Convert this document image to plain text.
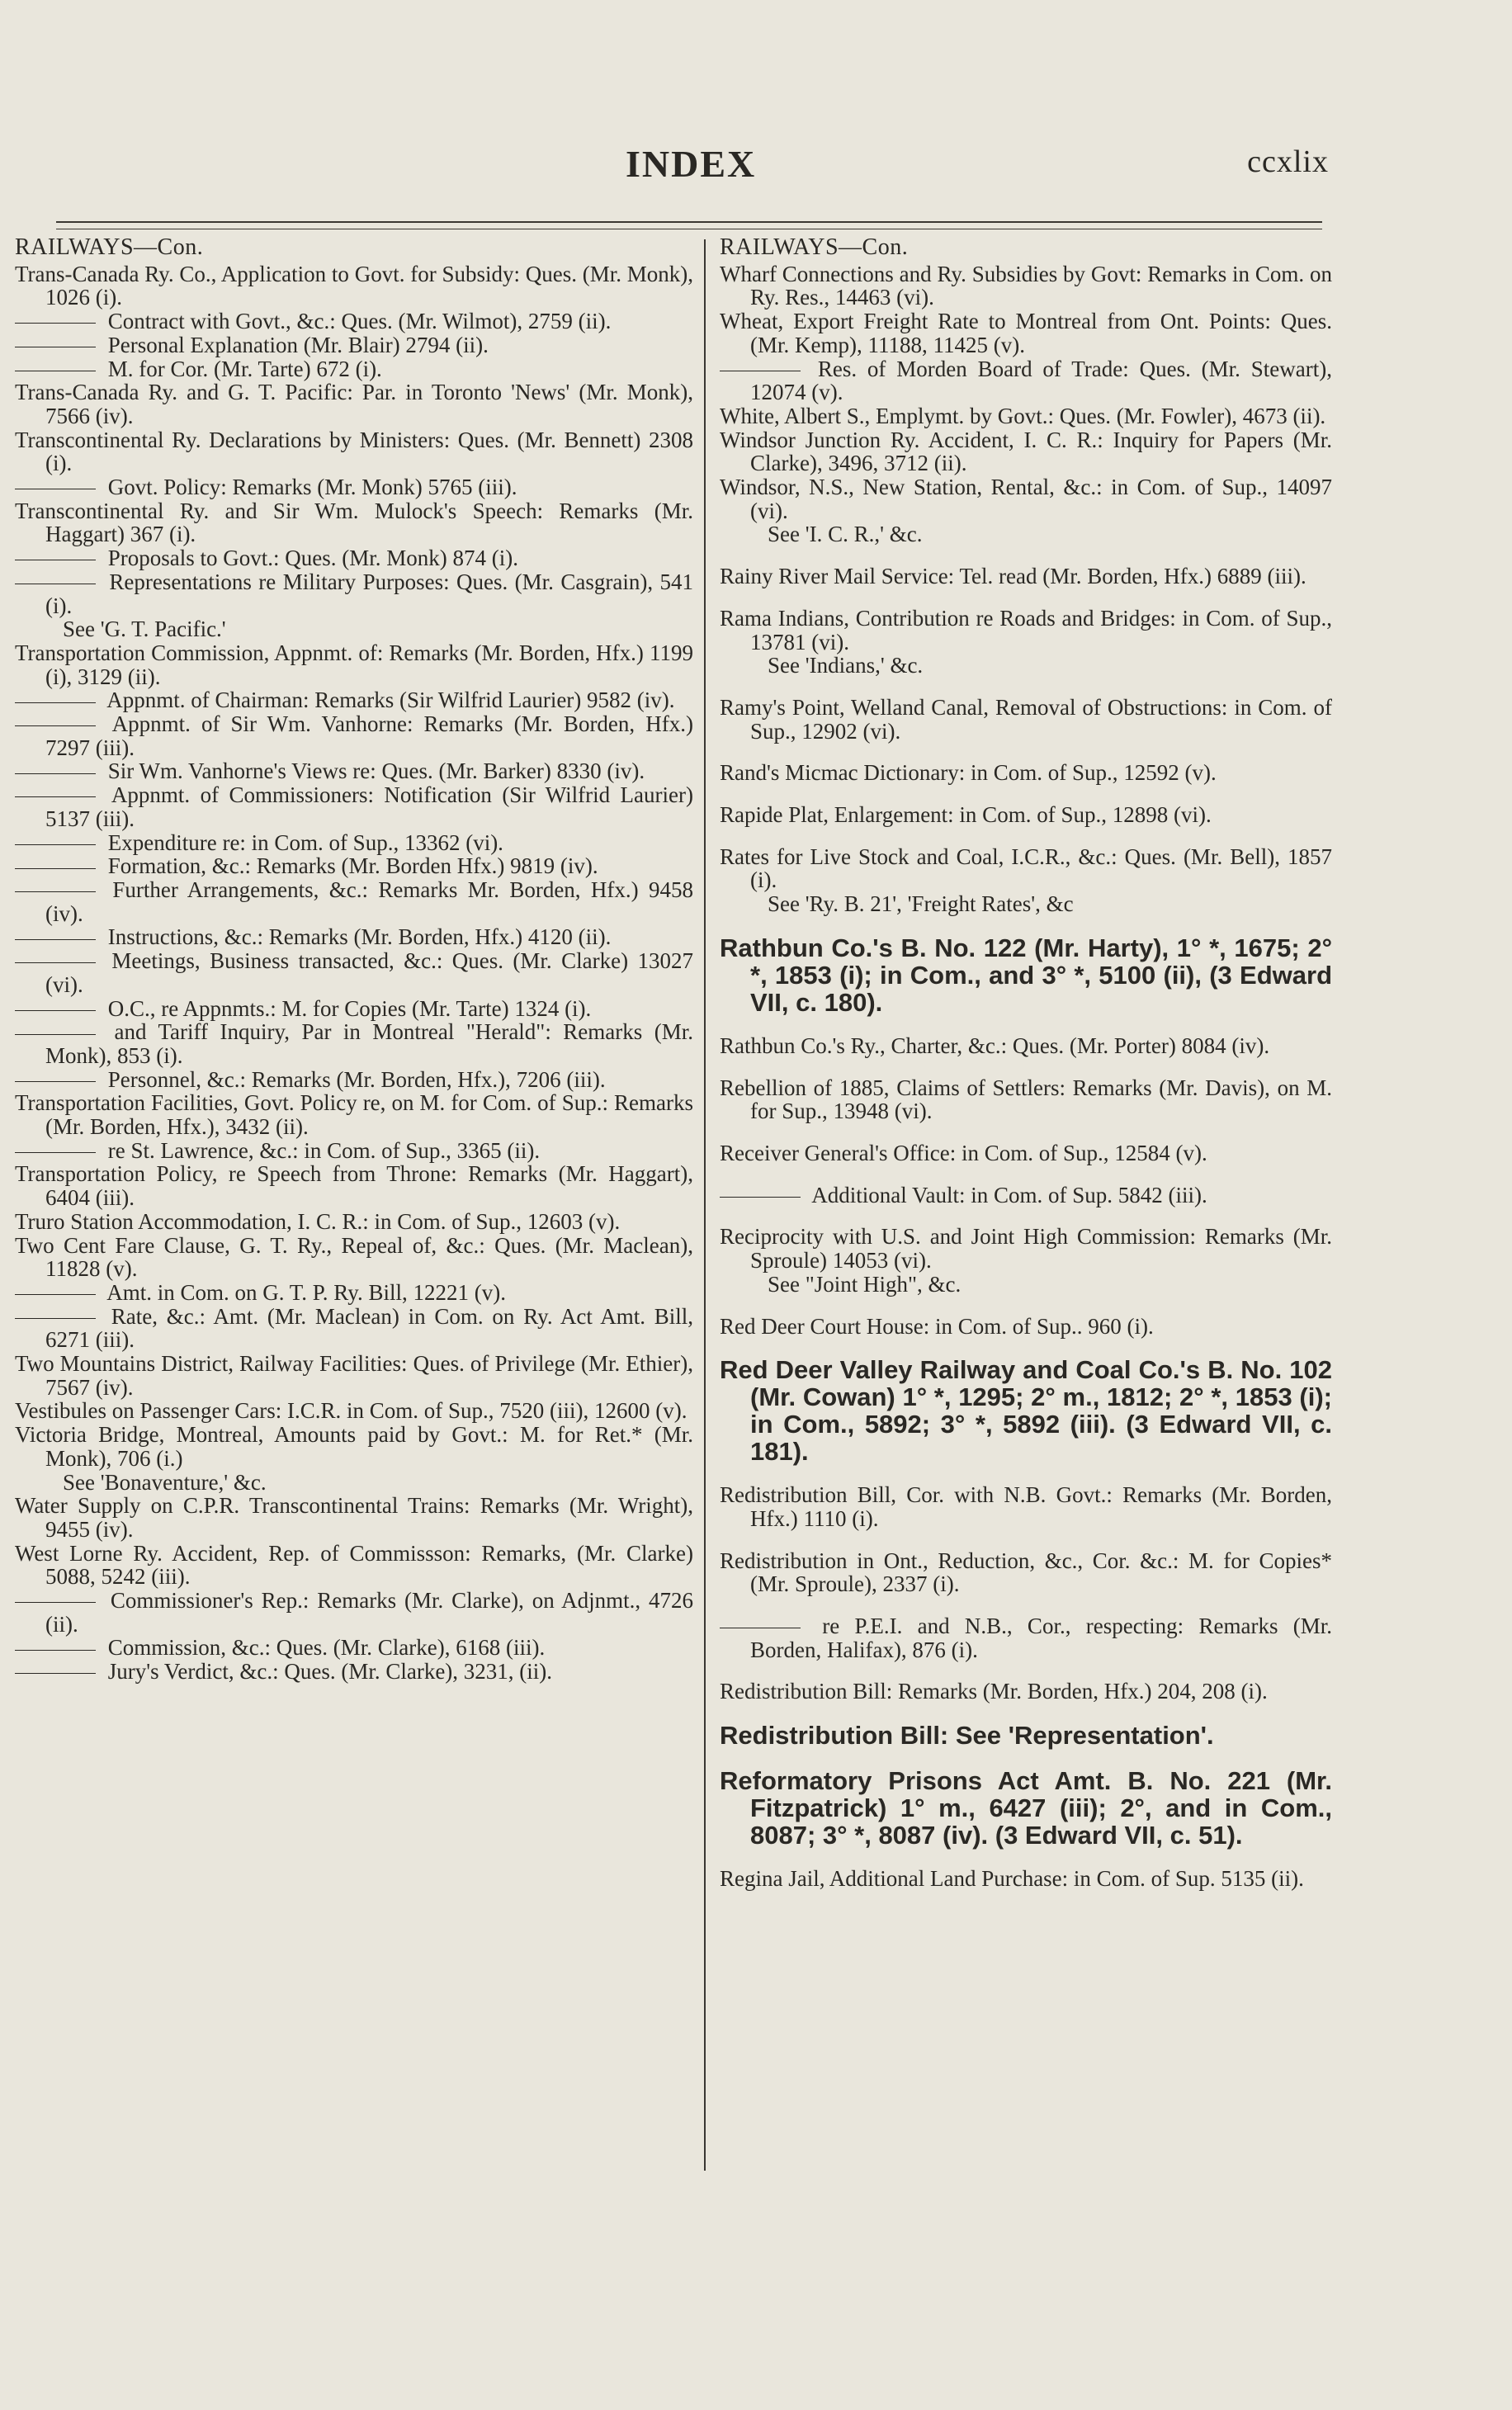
INDEX	ccxlix
RAILWAYS—Con.

Trans-Canada Ry. Co., Application to Govt. for Subsidy: Ques. (Mr. Monk), 1026 (i).

Contract with Govt., &c.: Ques. (Mr. Wilmot), 2759 (ii).

Personal Explanation (Mr. Blair) 2794 (ii).

M. for Cor. (Mr. Tarte) 672 (i).

Trans-Canada Ry. and G. T. Pacific: Par. in Toronto 'News' (Mr. Monk), 7566 (iv).

Transcontinental Ry. Declarations by Ministers: Ques. (Mr. Bennett) 2308 (i).

Govt. Policy: Remarks (Mr. Monk) 5765 (iii).

Transcontinental Ry. and Sir Wm. Mulock's Speech: Remarks (Mr. Haggart) 367 (i).

Proposals to Govt.: Ques. (Mr. Monk) 874 (i).

Representations re Military Purposes: Ques. (Mr. Casgrain), 541 (i).

See 'G. T. Pacific.'

Transportation Commission, Appnmt. of: Remarks (Mr. Borden, Hfx.) 1199 (i), 3129 (ii).

Appnmt. of Chairman: Remarks (Sir Wilfrid Laurier) 9582 (iv).

Appnmt. of Sir Wm. Vanhorne: Remarks (Mr. Borden, Hfx.) 7297 (iii).

Sir Wm. Vanhorne's Views re: Ques. (Mr. Barker) 8330 (iv).

Appnmt. of Commissioners: Notification (Sir Wilfrid Laurier) 5137 (iii).

Expenditure re: in Com. of Sup., 13362 (vi).

Formation, &c.: Remarks (Mr. Borden Hfx.) 9819 (iv).

Further Arrangements, &c.: Remarks Mr. Borden, Hfx.) 9458 (iv).

Instructions, &c.: Remarks (Mr. Borden, Hfx.) 4120 (ii).

Meetings, Business transacted, &c.: Ques. (Mr. Clarke) 13027 (vi).

O.C., re Appnmts.: M. for Copies (Mr. Tarte) 1324 (i).

and Tariff Inquiry, Par in Montreal "Herald": Remarks (Mr. Monk), 853 (i).

Personnel, &c.: Remarks (Mr. Borden, Hfx.), 7206 (iii).

Transportation Facilities, Govt. Policy re, on M. for Com. of Sup.: Remarks (Mr. Borden, Hfx.), 3432 (ii).

re St. Lawrence, &c.: in Com. of Sup., 3365 (ii).

Transportation Policy, re Speech from Throne: Remarks (Mr. Haggart), 6404 (iii).

Truro Station Accommodation, I. C. R.: in Com. of Sup., 12603 (v).

Two Cent Fare Clause, G. T. Ry., Repeal of, &c.: Ques. (Mr. Maclean), 11828 (v).

Amt. in Com. on G. T. P. Ry. Bill, 12221 (v).

Rate, &c.: Amt. (Mr. Maclean) in Com. on Ry. Act Amt. Bill, 6271 (iii).

Two Mountains District, Railway Facilities: Ques. of Privilege (Mr. Ethier), 7567 (iv).

Vestibules on Passenger Cars: I.C.R. in Com. of Sup., 7520 (iii), 12600 (v).

Victoria Bridge, Montreal, Amounts paid by Govt.: M. for Ret.* (Mr. Monk), 706 (i.)

See 'Bonaventure,' &c.

Water Supply on C.P.R. Transcontinental Trains: Remarks (Mr. Wright), 9455 (iv).

West Lorne Ry. Accident, Rep. of Commissson: Remarks, (Mr. Clarke) 5088, 5242 (iii).

Commissioner's Rep.: Remarks (Mr. Clarke), on Adjnmt., 4726 (ii).

Commission, &c.: Ques. (Mr. Clarke), 6168 (iii).

Jury's Verdict, &c.: Ques. (Mr. Clarke), 3231, (ii).

RAILWAYS—Con.

Wharf Connections and Ry. Subsidies by Govt: Remarks in Com. on Ry. Res., 14463 (vi).

Wheat, Export Freight Rate to Montreal from Ont. Points: Ques. (Mr. Kemp), 11188, 11425 (v).

Res. of Morden Board of Trade: Ques. (Mr. Stewart), 12074 (v).

White, Albert S., Emplymt. by Govt.: Ques. (Mr. Fowler), 4673 (ii).

Windsor Junction Ry. Accident, I. C. R.: Inquiry for Papers (Mr. Clarke), 3496, 3712 (ii).

Windsor, N.S., New Station, Rental, &c.: in Com. of Sup., 14097 (vi).

See 'I. C. R.,' &c.

Rainy River Mail Service: Tel. read (Mr. Borden, Hfx.) 6889 (iii).

Rama Indians, Contribution re Roads and Bridges: in Com. of Sup., 13781 (vi).

See 'Indians,' &c.

Ramy's Point, Welland Canal, Removal of Obstructions: in Com. of Sup., 12902 (vi).

Rand's Micmac Dictionary: in Com. of Sup., 12592 (v).

Rapide Plat, Enlargement: in Com. of Sup., 12898 (vi).

Rates for Live Stock and Coal, I.C.R., &c.: Ques. (Mr. Bell), 1857 (i).

See 'Ry. B. 21', 'Freight Rates', &c

Rathbun Co.'s B. No. 122 (Mr. Harty), 1° *, 1675; 2° *, 1853 (i); in Com., and 3° *, 5100 (ii), (3 Edward VII, c. 180).

Rathbun Co.'s Ry., Charter, &c.: Ques. (Mr. Porter) 8084 (iv).

Rebellion of 1885, Claims of Settlers: Remarks (Mr. Davis), on M. for Sup., 13948 (vi).

Receiver General's Office: in Com. of Sup., 12584 (v).

Additional Vault: in Com. of Sup. 5842 (iii).

Reciprocity with U.S. and Joint High Commission: Remarks (Mr. Sproule) 14053 (vi).

See "Joint High", &c.

Red Deer Court House: in Com. of Sup.. 960 (i).

Red Deer Valley Railway and Coal Co.'s B. No. 102 (Mr. Cowan) 1° *, 1295; 2° m., 1812; 2° *, 1853 (i); in Com., 5892; 3° *, 5892 (iii). (3 Edward VII, c. 181).

Redistribution Bill, Cor. with N.B. Govt.: Remarks (Mr. Borden, Hfx.) 1110 (i).

Redistribution in Ont., Reduction, &c., Cor. &c.: M. for Copies* (Mr. Sproule), 2337 (i).

re P.E.I. and N.B., Cor., respecting: Remarks (Mr. Borden, Halifax), 876 (i).

Redistribution Bill: Remarks (Mr. Borden, Hfx.) 204, 208 (i).

Redistribution Bill: See 'Representation'.

Reformatory Prisons Act Amt. B. No. 221 (Mr. Fitzpatrick) 1° m., 6427 (iii); 2°, and in Com., 8087; 3° *, 8087 (iv). (3 Edward VII, c. 51).

Regina Jail, Additional Land Purchase: in Com. of Sup. 5135 (ii).
